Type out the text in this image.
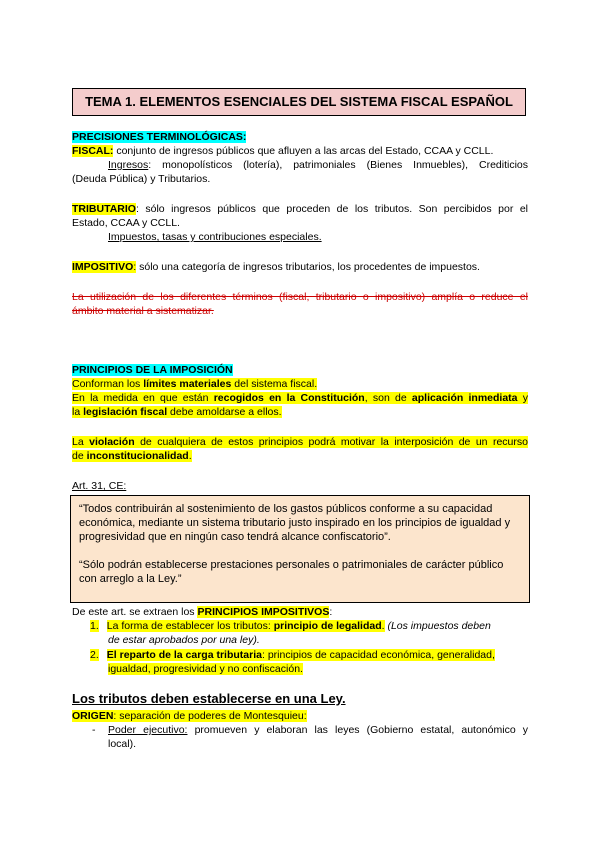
TEMA 1. ELEMENTOS ESENCIALES DEL SISTEMA FISCAL ESPAÑOL
PRECISIONES TERMINOLÓGICAS:
FISCAL: conjunto de ingresos públicos que afluyen a las arcas del Estado, CCAA y CCLL.
Ingresos: monopolísticos (lotería), patrimoniales (Bienes Inmuebles), Crediticios
(Deuda Pública) y Tributarios.
TRIBUTARIO: sólo ingresos públicos que proceden de los tributos. Son percibidos por el
Estado, CCAA y CCLL.
Impuestos, tasas y contribuciones especiales.
IMPOSITIVO: sólo una categoría de ingresos tributarios, los procedentes de impuestos.
La utilización de los diferentes términos (fiscal, tributario o impositivo) amplía o reduce el
ámbito material a sistematizar.
PRINCIPIOS DE LA IMPOSICIÓN
Conforman los límites materiales del sistema fiscal.
En la medida en que están recogidos en la Constitución, son de aplicación inmediata y
la legislación fiscal debe amoldarse a ellos.
La violación de cualquiera de estos principios podrá motivar la interposición de un recurso
de inconstitucionalidad.
Art. 31, CE:

“Todos contribuirán al sostenimiento de los gastos públicos conforme a su capacidad económica, mediante un sistema tributario justo inspirado en los principios de igualdad y progresividad que en ningún caso tendrá alcance confiscatorio”.

“Sólo podrán establecerse prestaciones personales o patrimoniales de carácter público con arreglo a la Ley.”

De este art. se extraen los PRINCIPIOS IMPOSITIVOS:
1. La forma de establecer los tributos: principio de legalidad. (Los impuestos deben
de estar aprobados por una ley).
2. El reparto de la carga tributaria: principios de capacidad económica, generalidad,
igualdad, progresividad y no confiscación.
Los tributos deben establecerse en una Ley.
ORIGEN: separación de poderes de Montesquieu:
- Poder ejecutivo: promueven y elaboran las leyes (Gobierno estatal, autonómico y
local).
